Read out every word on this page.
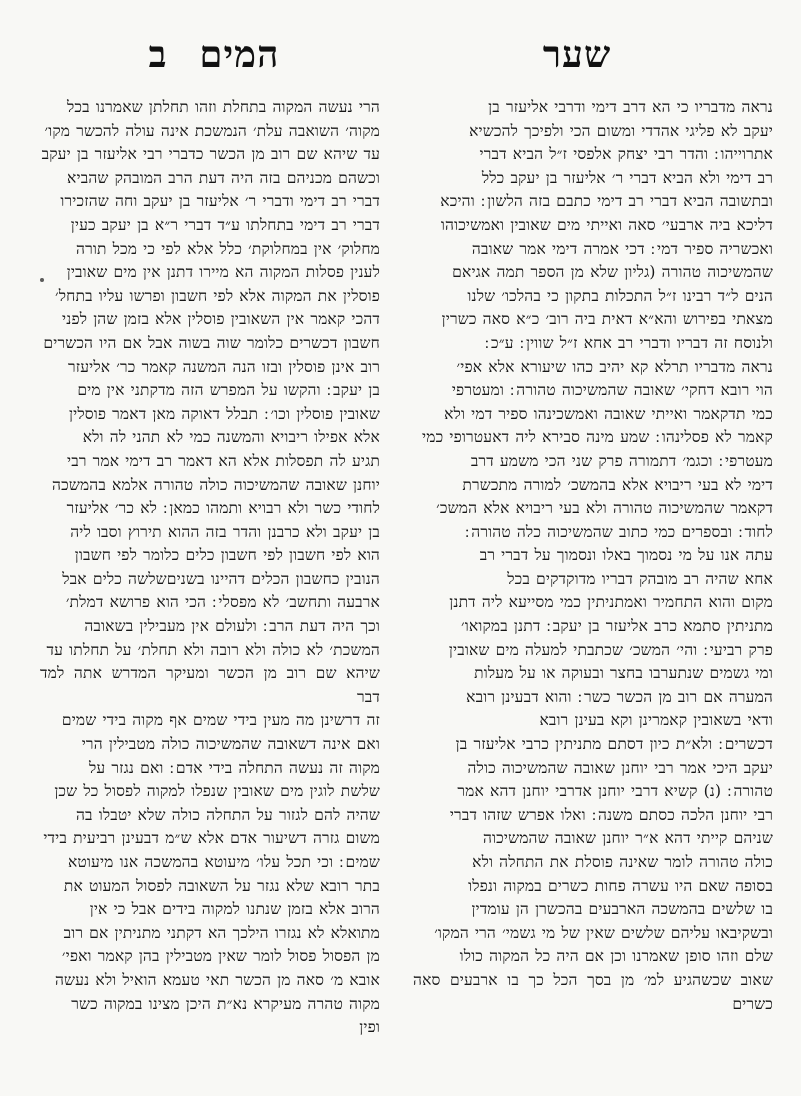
המים ב	שער

הרי נעשה המקוה בתחלת וזהו תחלתן שאמרנו בכל
מקוה׳ השואבה עלת׳ הנמשכת אינה עולה להכשר מקו׳
עד שיהא שם רוב מן הכשר כדברי רבי אליעזר בן יעקב
וכשהם מכניהם בזה היה דעת הרב המובהק שהביא
דברי רב דימי ודברי ר׳ אליעזר בן יעקב וחה שהזכירו
דברי רב דימי בתחלתו ע״ד דברי ר״א בן יעקב כעין
מחלוק׳ אין במחלוקת׳ כלל אלא לפי כי מכל תורה
לענין פסלות המקוה הא מיירו דתנן אין מים שאובין
פוסלין את המקוה אלא לפי חשבון ופרשו עליו בתחל׳
דהכי קאמר אין השאובין פוסלין אלא בזמן שהן לפני
חשבון דכשרים כלומר שוה בשוה אבל אם היו הכשרים
רוב אינן פוסלין ובזו הנה המשנה קאמר כר׳ אליעזר
בן יעקב ׃ והקשו על המפרש הזה מדקתני אין מים
שאובין פוסלין וכו׳ ׃ תבלל דאוקה מאן דאמר פוסלין
אלא אפילו ריבויא והמשנה כמי לא תהני לה ולא
תגיע לה תפסלות אלא הא דאמר רב דימי אמר רבי
יוחנן שאובה שהמשיכוה כולה טהורה אלמא בהמשכה
לחודי כשר ולא רבויא ותמהו כמאן ׃ לא כר׳ אליעזר
בן יעקב ולא כרבנן והדר בזה ההוא תירוץ וסבו ליה
הוא לפי חשבון לפי חשבון כלים כלומר לפי חשבון
הנובין כחשבון הכלים דהיינו בשניםשלשה כלים אבל
ארבעה ותחשב׳ לא מפסלי ׃ הכי הוא פרושא דמלת׳
וכך היה דעת הרב ׃ ולעולם אין מעבילין בשאובה
המשכת׳ לא כולה ולא רובה ולא תחלת׳ על תחלתו עד
שיהא שם רוב מן הכשר ומעיקר המדרש אתה למד דבר
זה דרשינן מה מעין בידי שמים אף מקוה בידי שמים
ואם אינה דשאובה שהמשיכוה כולה מטבילין הרי
מקוה זה נעשה התחלה בידי אדם ׃ ואם נגזר על
שלשת לוגין מים שאובין שנפלו למקוה לפסול כל שכן
שהיה להם לגזור על התחלה כולה שלא יטבלו בה
משום גזרה דשיעור אדם אלא ש״מ דבעינן רביעית בידי
שמים ׃ וכי תכל עלו׳ מיעוטא בהמשכה אנו מיעוטא
בתר רובא שלא נגזר על השאובה לפסול המעוט את
הרוב אלא בזמן שנתנו למקוה בידים אבל כי אין
מתואלא לא נגזרו הילכך הא דקתני מתניתין אם רוב
מן הפסול פסול לומר שאין מטבילין בהן קאמר ואפי׳
אובא מ׳ סאה מן הכשר תאי טעמא הואיל ולא נעשה
מקוה טהרה מעיקרא נא״ת היכן מצינו במקוה כשר
ופין

נראה מדבריו כי הא דרב דימי ודרבי אליעזר בן
יעקב לא פליגי אהדדי ומשום הכי ולפיכך להכשיא
אתרוייהו ׃ והדר רבי יצחק אלפסי ז״ל הביא דברי
רב דימי ולא הביא דברי ר׳ אליעזר בן יעקב כלל
ובתשובה הביא דברי רב דימי כתבם בזה הלשון ׃ והיכא
דליכא ביה ארבעי׳ סאה ואייתי מים שאובין ואמשיכוהו
ואכשריה ספיר דמי ׃ דכי אמרה דימי אמר שאובה
שהמשיכוה טהורה (גליון שלא מן הספר תמה אגיאם
הנים ל״ד רבינו ז״ל התכלות בתקון כי בהלכו׳ שלנו
מצאתי בפירוש והא״א דאית ביה רוב׳ כ״א סאה כשרין
ולנוסח זה דבריו ודברי רב אחא ז״ל שווין ׃ ע״כ ׃
נראה מדבריו תרלא קא יהיב כהו שיעורא אלא אפי׳
הוי רובא דחקי׳ שאובה שהמשיכוה טהורה ׃ ומעטרפי
כמי תדקאמר ואייתי שאובה ואמשכינהו ספיר דמי ולא
קאמר לא פסלינהו ׃ שמע מינה סבירא ליה דאעטרופי כמי
מעטרפי ׃ וכגמ׳ דתמורה פרק שני הכי משמע דרב
דימי לא בעי ריבויא אלא בהמשכ׳ למורה מתכשרת
דקאמר שהמשיכוה טהורה ולא בעי ריבויא אלא המשכ׳
לחוד ׃ ובספרים כמי כתוב שהמשיכוה כלה טהורה ׃
עתה אנו על מי נסמוך באלו ונסמוך על דברי רב
אחא שהיה רב מובהק דבריו מדוקדקים בכל
מקום והוא התחמיר ואמתניתין כמי מסייעא ליה דתנן
מתניתין סתמא כרב אליעזר בן יעקב ׃ דתנן במקואו׳
פרק רביעי ׃ והי׳ המשכ׳ שכתבתי למעלה מים שאובין
ומי גשמים שנתערבו בחצר ובעוקה או על מעלות
המערה אם רוב מן הכשר כשר ׃ והוא דבעינן רובא
ודאי בשאובין קאמרינן וקא בעינן רובא
דכשרים ׃ ולא״ת כיון דסתם מתניתין כרבי אליעזר בן
יעקב היכי אמר רבי יוחנן שאובה שהמשיכוה כולה
טהורה ׃ (נ) קשיא דרבי יוחנן אדרבי יוחנן דהא אמר
רבי יוחנן הלכה כסתם משנה ׃ ואלו אפרש שזהו דברי
שניהם קייתי דהא א״ר יוחנן שאובה שהמשיכוה
כולה טהורה לומר שאינה פוסלת את התחלה ולא
בסופה שאם היו עשרה פחות כשרים במקוה ונפלו
בו שלשים בהמשכה הארבעים בהכשרן הן עומדין
ובשקיבאו עליהם שלשים שאין של מי גשמי׳ הרי המקו׳
שלם וזהו סופן שאמרנו וכן אם היה כל המקוה כולו
שאוב שכשהגיע למ׳ מן בסך הכל כך בו ארבעים סאה כשרים
